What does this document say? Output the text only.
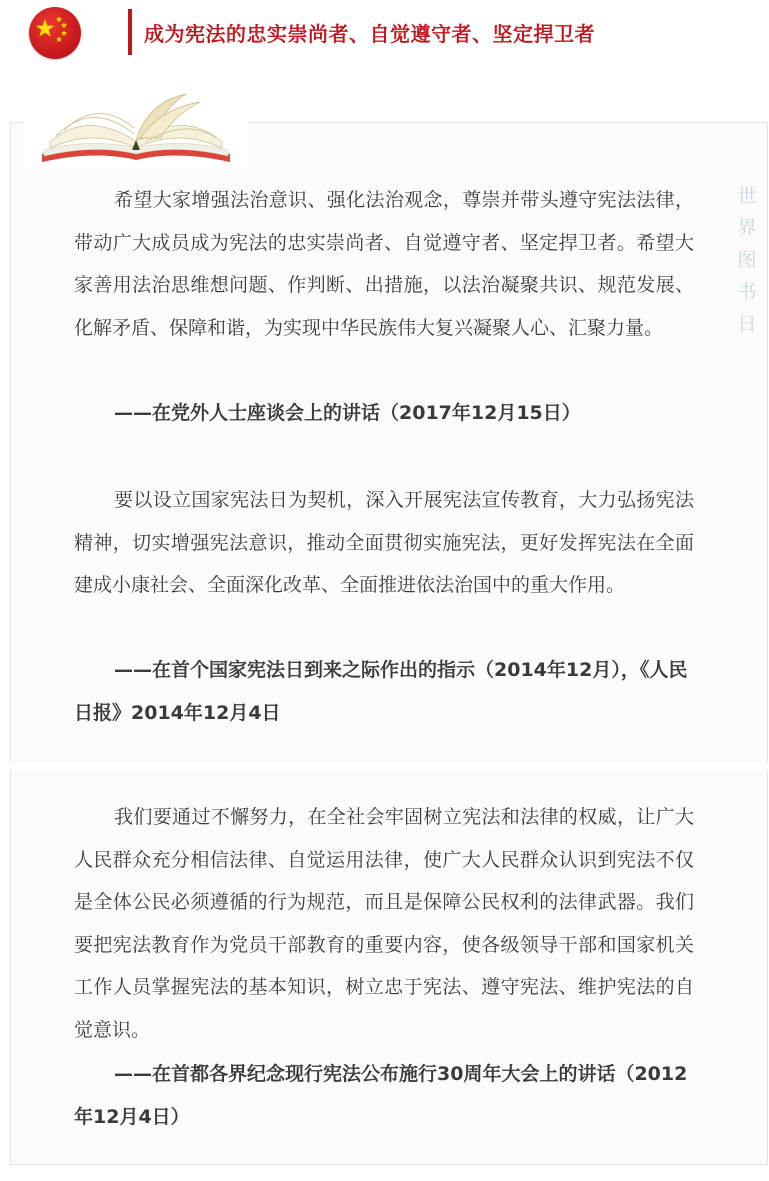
成为宪法的忠实崇尚者、自觉遵守者、坚定捍卫者
世
界
图
书
日

希望大家增强法治意识、强化法治观念，尊崇并带头遵守宪法法律，带动广大成员成为宪法的忠实崇尚者、自觉遵守者、坚定捍卫者。希望大家善用法治思维想问题、作判断、出措施，以法治凝聚共识、规范发展、化解矛盾、保障和谐，为实现中华民族伟大复兴凝聚人心、汇聚力量。

——在党外人士座谈会上的讲话（2017年12月15日）

要以设立国家宪法日为契机，深入开展宪法宣传教育，大力弘扬宪法精神，切实增强宪法意识，推动全面贯彻实施宪法，更好发挥宪法在全面建成小康社会、全面深化改革、全面推进依法治国中的重大作用。

——在首个国家宪法日到来之际作出的指示（2014年12月），《人民日报》2014年12月4日

我们要通过不懈努力，在全社会牢固树立宪法和法律的权威，让广大人民群众充分相信法律、自觉运用法律，使广大人民群众认识到宪法不仅是全体公民必须遵循的行为规范，而且是保障公民权利的法律武器。我们要把宪法教育作为党员干部教育的重要内容，使各级领导干部和国家机关工作人员掌握宪法的基本知识，树立忠于宪法、遵守宪法、维护宪法的自觉意识。

——在首都各界纪念现行宪法公布施行30周年大会上的讲话（2012年12月4日）
